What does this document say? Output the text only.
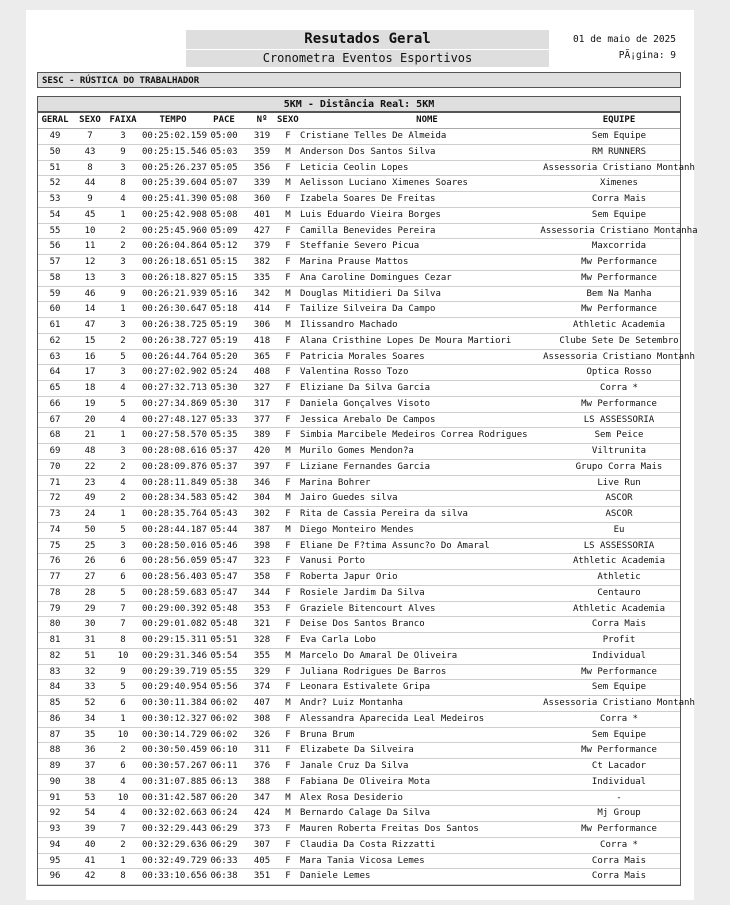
Resutados Geral
Cronometra Eventos Esportivos
01 de maio de 2025
PÃ¡gina: 9
SESC - RÚSTICA DO TRABALHADOR
5KM - Distância Real: 5KM
GERAL	SEXO FAIXA	TEMPO	PACE	Nº	SEXO	NOME	EQUIPE
49	7	3	00:25:02.159 05:00	319	F	Cristiane Telles De Almeida	Sem Equipe
50	43	9	00:25:15.546 05:03	359	M	Anderson Dos Santos Silva	RM RUNNERS
51	8	3	00:25:26.237 05:05	356	F	Leticia Ceolin Lopes	Assessoria Cristiano Montanh
52	44	8	00:25:39.604 05:07	339	M	Aelisson Luciano Ximenes Soares	Ximenes
53	9	4	00:25:41.390 05:08	360	F	Izabela Soares De Freitas	Corra Mais
54	45	1	00:25:42.908 05:08	401	M	Luis Eduardo Vieira Borges	Sem Equipe
55	10	2	00:25:45.960 05:09	427	F	Camilla Benevides Pereira	Assessoria Cristiano Montanha
56	11	2	00:26:04.864 05:12	379	F	Steffanie Severo Picua	Maxcorrida
57	12	3	00:26:18.651 05:15	382	F	Marina Prause Mattos	Mw Performance
58	13	3	00:26:18.827 05:15	335	F	Ana Caroline Domingues Cezar	Mw Performance
59	46	9	00:26:21.939 05:16	342	M	Douglas Mitidieri Da Silva	Bem Na Manha
60	14	1	00:26:30.647 05:18	414	F	Tailize Silveira Da Campo	Mw Performance
61	47	3	00:26:38.725 05:19	306	M	Ilissandro Machado	Athletic Academia
62	15	2	00:26:38.727 05:19	418	F	Alana Cristhine Lopes De Moura Martiori	Clube Sete De Setembro
63	16	5	00:26:44.764 05:20	365	F	Patricia Morales Soares	Assessoria Cristiano Montanh
64	17	3	00:27:02.902 05:24	408	F	Valentina Rosso Tozo	Optica Rosso
65	18	4	00:27:32.713 05:30	327	F	Eliziane Da Silva Garcia	Corra *
66	19	5	00:27:34.869 05:30	317	F	Daniela Gonçalves Visoto	Mw Performance
67	20	4	00:27:48.127 05:33	377	F	Jessica Arebalo De Campos	LS ASSESSORIA
68	21	1	00:27:58.570 05:35	389	F	Simbia Marcibele Medeiros Correa Rodrigues	Sem Peice
69	48	3	00:28:08.616 05:37	420	M	Murilo Gomes Mendon?a	Viltrunita
70	22	2	00:28:09.876 05:37	397	F	Liziane Fernandes Garcia	Grupo Corra Mais
71	23	4	00:28:11.849 05:38	346	F	Marina Bohrer	Live Run
72	49	2	00:28:34.583 05:42	304	M	Jairo Guedes silva	ASCOR
73	24	1	00:28:35.764 05:43	302	F	Rita de Cassia Pereira da silva	ASCOR
74	50	5	00:28:44.187 05:44	387	M	Diego Monteiro Mendes	Eu
75	25	3	00:28:50.016 05:46	398	F	Eliane De F?tima Assunc?o Do Amaral	LS ASSESSORIA
76	26	6	00:28:56.059 05:47	323	F	Vanusi Porto	Athletic Academia
77	27	6	00:28:56.403 05:47	358	F	Roberta Japur Orio	Athletic
78	28	5	00:28:59.683 05:47	344	F	Rosiele Jardim Da Silva	Centauro
79	29	7	00:29:00.392 05:48	353	F	Graziele Bitencourt Alves	Athletic Academia
80	30	7	00:29:01.082 05:48	321	F	Deise Dos Santos Branco	Corra Mais
81	31	8	00:29:15.311 05:51	328	F	Eva Carla Lobo	Profit
82	51	10	00:29:31.346 05:54	355	M	Marcelo Do Amaral De Oliveira	Individual
83	32	9	00:29:39.719 05:55	329	F	Juliana Rodrigues De Barros	Mw Performance
84	33	5	00:29:40.954 05:56	374	F	Leonara Estivalete Gripa	Sem Equipe
85	52	6	00:30:11.384 06:02	407	M	Andr? Luiz Montanha	Assessoria Cristiano Montanh
86	34	1	00:30:12.327 06:02	308	F	Alessandra Aparecida Leal Medeiros	Corra *
87	35	10	00:30:14.729 06:02	326	F	Bruna Brum	Sem Equipe
88	36	2	00:30:50.459 06:10	311	F	Elizabete Da Silveira	Mw Performance
89	37	6	00:30:57.267 06:11	376	F	Janale Cruz Da Silva	Ct Lacador
90	38	4	00:31:07.885 06:13	388	F	Fabiana De Oliveira Mota	Individual
91	53	10	00:31:42.587 06:20	347	M	Alex Rosa Desiderio	-
92	54	4	00:32:02.663 06:24	424	M	Bernardo Calage Da Silva	Mj Group
93	39	7	00:32:29.443 06:29	373	F	Mauren Roberta Freitas Dos Santos	Mw Performance
94	40	2	00:32:29.636 06:29	307	F	Claudia Da Costa Rizzatti	Corra *
95	41	1	00:32:49.729 06:33	405	F	Mara Tania Vicosa Lemes	Corra Mais
96	42	8	00:33:10.656 06:38	351	F	Daniele Lemes	Corra Mais
